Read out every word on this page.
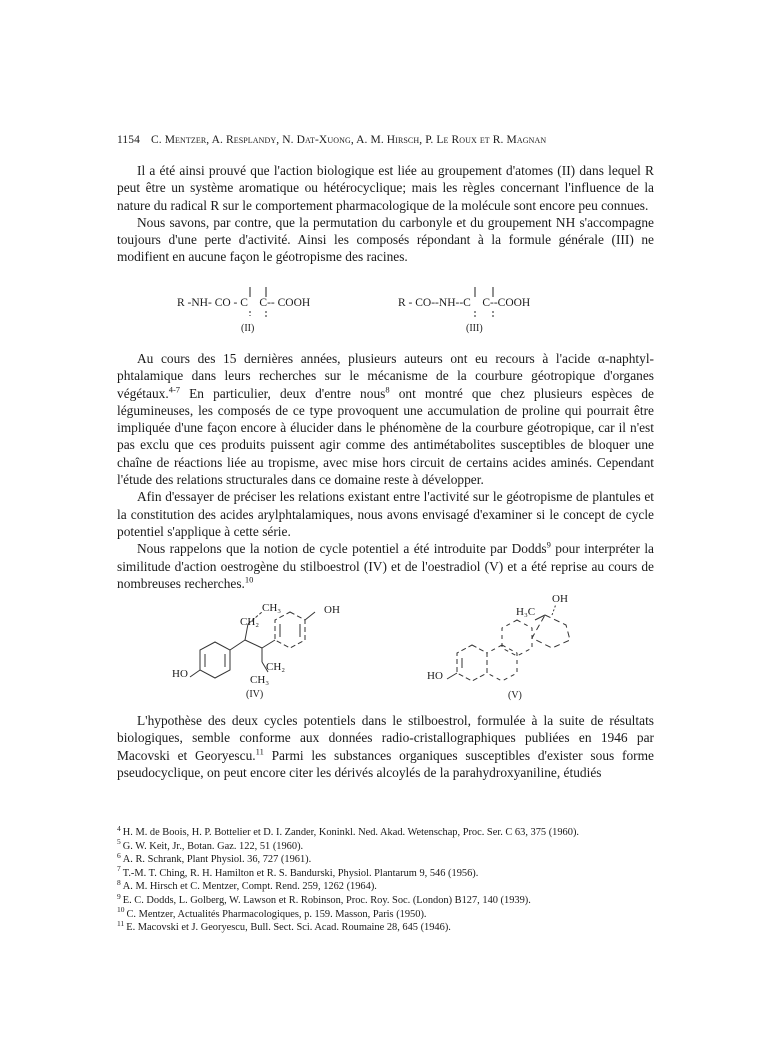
1154 C. Mentzer, A. Resplandy, N. Dat-Xuong, A. M. Hirsch, P. Le Roux et R. Magnan

Il a été ainsi prouvé que l'action biologique est liée au groupement d'atomes (II) dans lequel R peut être un système aromatique ou hétérocyclique; mais les règles concernant l'influence de la nature du radical R sur le comportement pharmacologique de la molécule sont encore peu connues.

Nous savons, par contre, que la permutation du carbonyle et du groupement NH s'accompagne toujours d'une perte d'activité. Ainsi les composés répondant à la formule générale (III) ne modifient en aucune façon le géotropisme des racines.

R -NH- CO - C    C-- COOH
(II)
R - CO--NH--C    C--COOH
(III)

Au cours des 15 dernières années, plusieurs auteurs ont eu recours à l'acide α-naphtyl-phtalamique dans leurs recherches sur le mécanisme de la courbure géotropique d'organes végétaux.$^{4-7}$ En particulier, deux d'entre nous$^8$ ont montré que chez plusieurs espèces de légumineuses, les composés de ce type provoquent une accumulation de proline qui pourrait être impliquée d'une façon encore à élucider dans le phénomène de la courbure géotropique, car il n'est pas exclu que ces produits puissent agir comme des antimétabolites susceptibles de bloquer une chaîne de réactions liée au tropisme, avec mise hors circuit de certains acides aminés. Cependant l'étude des relations structurales dans ce domaine reste à développer.

Afin d'essayer de préciser les relations existant entre l'activité sur le géotropisme de plantules et la constitution des acides arylphtalamiques, nous avons envisagé d'examiner si le concept de cycle potentiel s'applique à cette série.

Nous rappelons que la notion de cycle potentiel a été introduite par Dodds$^9$ pour interpréter la similitude d'action oestrogène du stilboestrol (IV) et de l'oestradiol (V) et a été reprise au cours de nombreuses recherches.$^{10}$

CH₃
CH₂
OH
CH₂
CH₃
HO
(IV)
OH
H₃C
HO
(V)

L'hypothèse des deux cycles potentiels dans le stilboestrol, formulée à la suite de résultats biologiques, semble conforme aux données radio-cristallographiques publiées en 1946 par Macovski et Georyescu.$^{11}$ Parmi les substances organiques susceptibles d'exister sous forme pseudocyclique, on peut encore citer les dérivés alcoylés de la parahydroxyaniline, étudiés

$^4$ H. M. de Boois, H. P. Bottelier et D. I. Zander, Koninkl. Ned. Akad. Wetenschap, Proc. Ser. C 63, 375 (1960).
$^5$ G. W. Keit, Jr., Botan. Gaz. 122, 51 (1960).
$^6$ A. R. Schrank, Plant Physiol. 36, 727 (1961).
$^7$ T.-M. T. Ching, R. H. Hamilton et R. S. Bandurski, Physiol. Plantarum 9, 546 (1956).
$^8$ A. M. Hirsch et C. Mentzer, Compt. Rend. 259, 1262 (1964).
$^9$ E. C. Dodds, L. Golberg, W. Lawson et R. Robinson, Proc. Roy. Soc. (London) B127, 140 (1939).
$^{10}$ C. Mentzer, Actualités Pharmacologiques, p. 159. Masson, Paris (1950).
$^{11}$ E. Macovski et J. Georyescu, Bull. Sect. Sci. Acad. Roumaine 28, 645 (1946).
